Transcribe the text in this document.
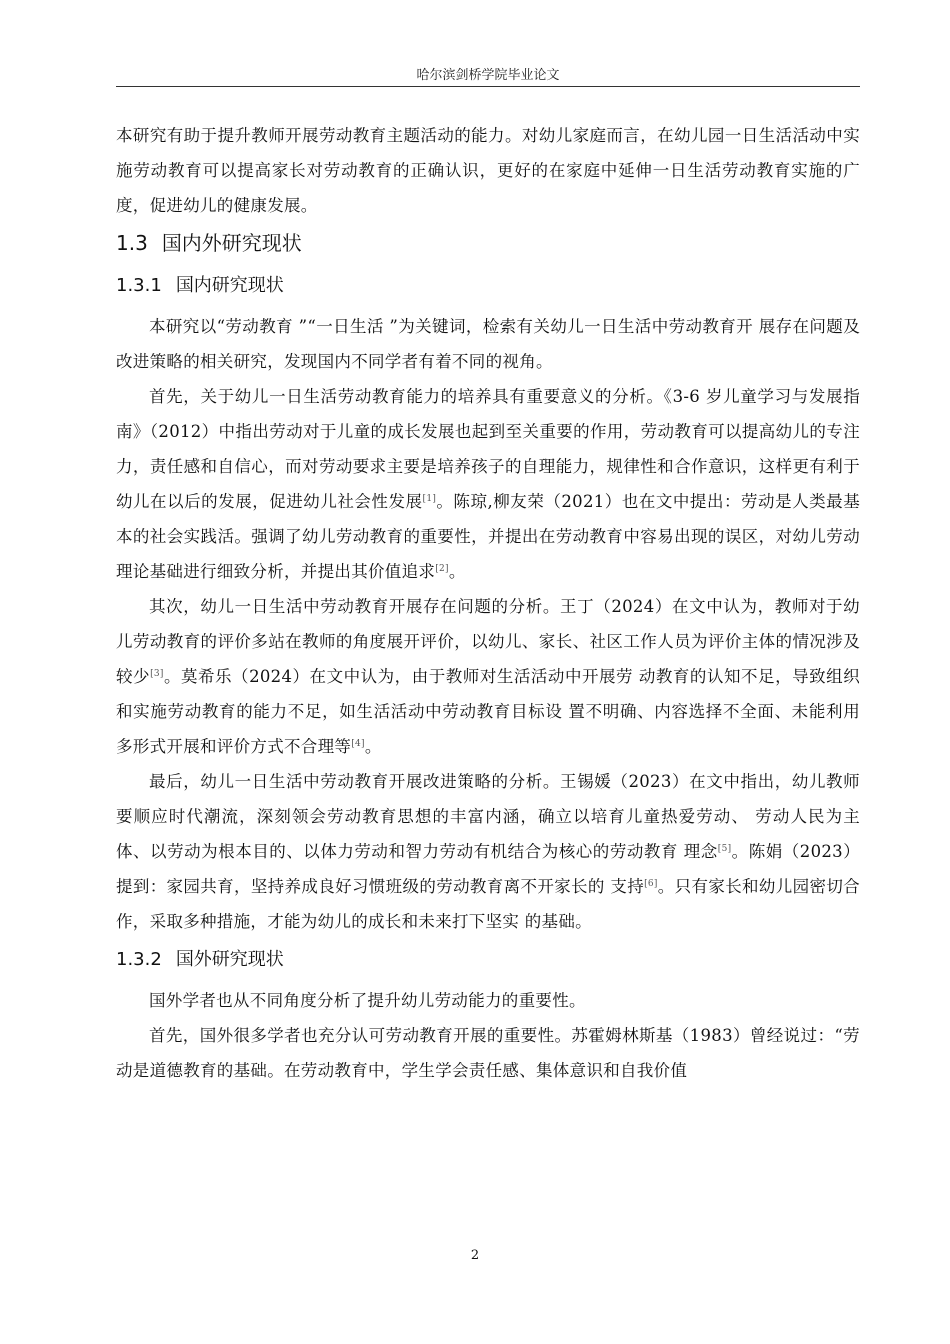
哈尔滨剑桥学院毕业论文

本研究有助于提升教师开展劳动教育主题活动的能力。对幼儿家庭而言，在幼儿园一日生活活动中实施劳动教育可以提高家长对劳动教育的正确认识，更好的在家庭中延伸一日生活劳动教育实施的广度，促进幼儿的健康发展。

1.3 国内外研究现状
1.3.1 国内研究现状

本研究以“劳动教育 ”“一日生活 ”为关键词，检索有关幼儿一日生活中劳动教育开 展存在问题及改进策略的相关研究，发现国内不同学者有着不同的视角。

首先，关于幼儿一日生活劳动教育能力的培养具有重要意义的分析。《3-6 岁儿童学习与发展指南》（2012）中指出劳动对于儿童的成长发展也起到至关重要的作用，劳动教育可以提高幼儿的专注力，责任感和自信心，而对劳动要求主要是培养孩子的自理能力，规律性和合作意识，这样更有利于幼儿在以后的发展，促进幼儿社会性发展[1]。陈琼,柳友荣（2021）也在文中提出：劳动是人类最基本的社会实践活。强调了幼儿劳动教育的重要性，并提出在劳动教育中容易出现的误区，对幼儿劳动理论基础进行细致分析，并提出其价值追求[2]。

其次，幼儿一日生活中劳动教育开展存在问题的分析。王丁（2024）在文中认为，教师对于幼儿劳动教育的评价多站在教师的角度展开评价，以幼儿、家长、社区工作人员为评价主体的情况涉及较少[3]。莫希乐（2024）在文中认为，由于教师对生活活动中开展劳 动教育的认知不足，导致组织和实施劳动教育的能力不足，如生活活动中劳动教育目标设 置不明确、内容选择不全面、未能利用多形式开展和评价方式不合理等[4]。

最后，幼儿一日生活中劳动教育开展改进策略的分析。王锡媛（2023）在文中指出，幼儿教师要顺应时代潮流，深刻领会劳动教育思想的丰富内涵，确立以培育儿童热爱劳动、 劳动人民为主体、以劳动为根本目的、以体力劳动和智力劳动有机结合为核心的劳动教育 理念[5]。陈娟（2023）提到：家园共育，坚持养成良好习惯班级的劳动教育离不开家长的 支持[6]。只有家长和幼儿园密切合作，采取多种措施，才能为幼儿的成长和未来打下坚实 的基础。

1.3.2 国外研究现状

国外学者也从不同角度分析了提升幼儿劳动能力的重要性。

首先，国外很多学者也充分认可劳动教育开展的重要性。苏霍姆林斯基（1983）曾经说过：“劳动是道德教育的基础。在劳动教育中，学生学会责任感、集体意识和自我价值

2
